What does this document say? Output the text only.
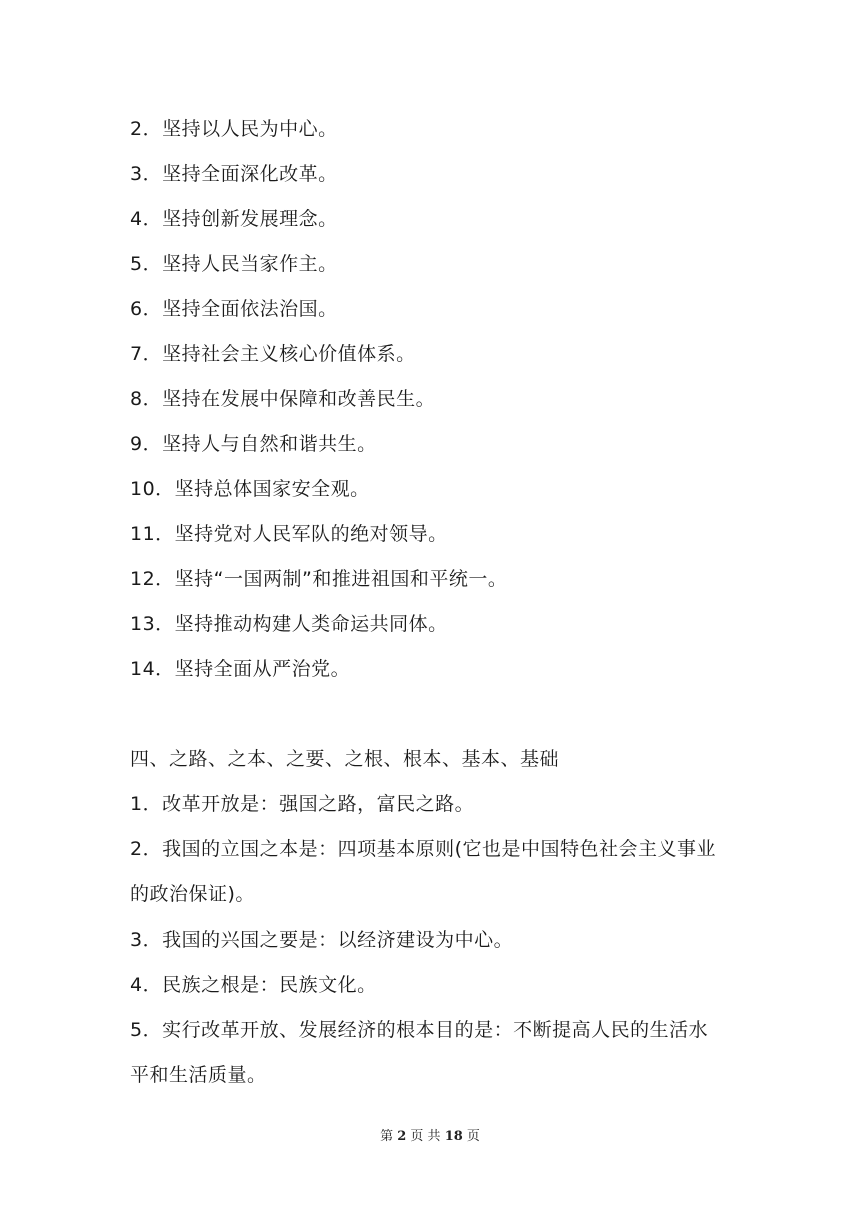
2．坚持以人民为中心。
3．坚持全面深化改革。
4．坚持创新发展理念。
5．坚持人民当家作主。
6．坚持全面依法治国。
7．坚持社会主义核心价值体系。
8．坚持在发展中保障和改善民生。
9．坚持人与自然和谐共生。
10．坚持总体国家安全观。
11．坚持党对人民军队的绝对领导。
12．坚持“一国两制”和推进祖国和平统一。
13．坚持推动构建人类命运共同体。
14．坚持全面从严治党。
四、之路、之本、之要、之根、根本、基本、基础
1．改革开放是：强国之路，富民之路。
2．我国的立国之本是：四项基本原则(它也是中国特色社会主义事业
的政治保证)。
3．我国的兴国之要是：以经济建设为中心。
4．民族之根是：民族文化。
5．实行改革开放、发展经济的根本目的是：不断提高人民的生活水
平和生活质量。
第 2 页 共 18 页
